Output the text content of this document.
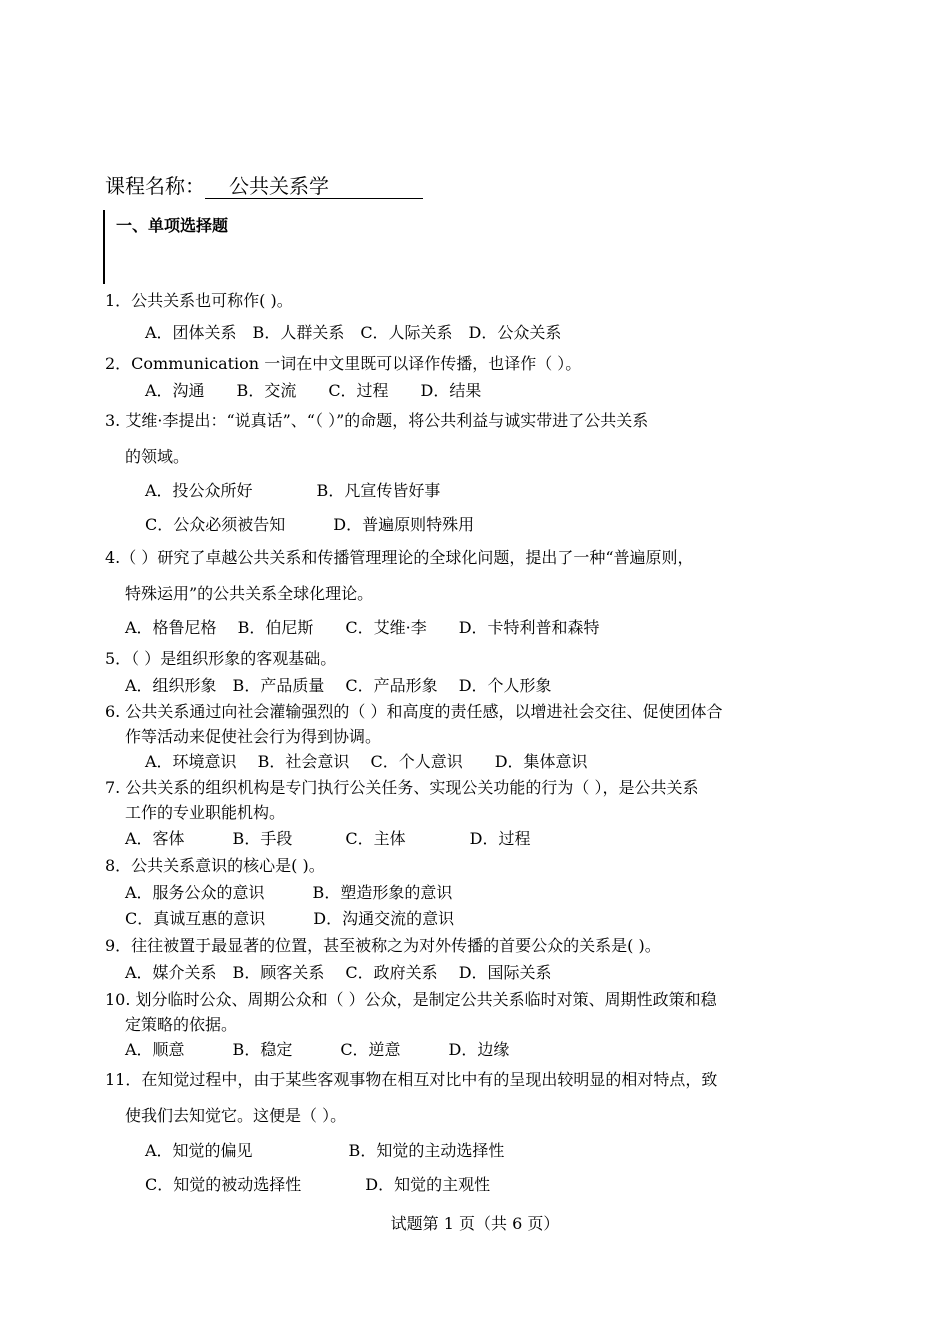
课程名称： 公共关系学
一、单项选择题
1．公共关系也可称作( )。
A．团体关系　B．人群关系　C．人际关系　D．公众关系
2．Communication 一词在中文里既可以译作传播，也译作（ ）。
A．沟通　　B．交流　　C．过程　　D．结果
3. 艾维·李提出：“说真话”、“（ ）”的命题，将公共利益与诚实带进了公共关系
的领域。
A．投公众所好　　　　B．凡宣传皆好事
C．公众必须被告知　　　D．普遍原则特殊用
4.（ ）研究了卓越公共关系和传播管理理论的全球化问题，提出了一种“普遍原则，
特殊运用”的公共关系全球化理论。
A．格鲁尼格　 B．伯尼斯　　C．艾维·李　　D．卡特利普和森特
5．（ ）是组织形象的客观基础。
A．组织形象　B．产品质量　 C．产品形象　 D．个人形象
6. 公共关系通过向社会灌输强烈的（ ）和高度的责任感，以增进社会交往、促使团体合
作等活动来促使社会行为得到协调。
A．环境意识　 B．社会意识　 C．个人意识　　D．集体意识
7. 公共关系的组织机构是专门执行公关任务、实现公关功能的行为（ ），是公共关系
工作的专业职能机构。
A．客体　　　B．手段　　　 C．主体　　　　D．过程
8．公共关系意识的核心是( )。
A．服务公众的意识　　　B．塑造形象的意识
C．真诚互惠的意识　　　D．沟通交流的意识
9．往往被置于最显著的位置，甚至被称之为对外传播的首要公众的关系是( )。
A．媒介关系　B．顾客关系　 C．政府关系　 D．国际关系
10. 划分临时公众、周期公众和（ ）公众，是制定公共关系临时对策、周期性政策和稳
定策略的依据。
A．顺意　　　B．稳定　　　C．逆意　　　D．边缘
11．在知觉过程中，由于某些客观事物在相互对比中有的呈现出较明显的相对特点，致
使我们去知觉它。这便是（ ）。
A．知觉的偏见　　　　　　B．知觉的主动选择性
C．知觉的被动选择性　　　　D．知觉的主观性
试题第 1 页（共 6 页）
